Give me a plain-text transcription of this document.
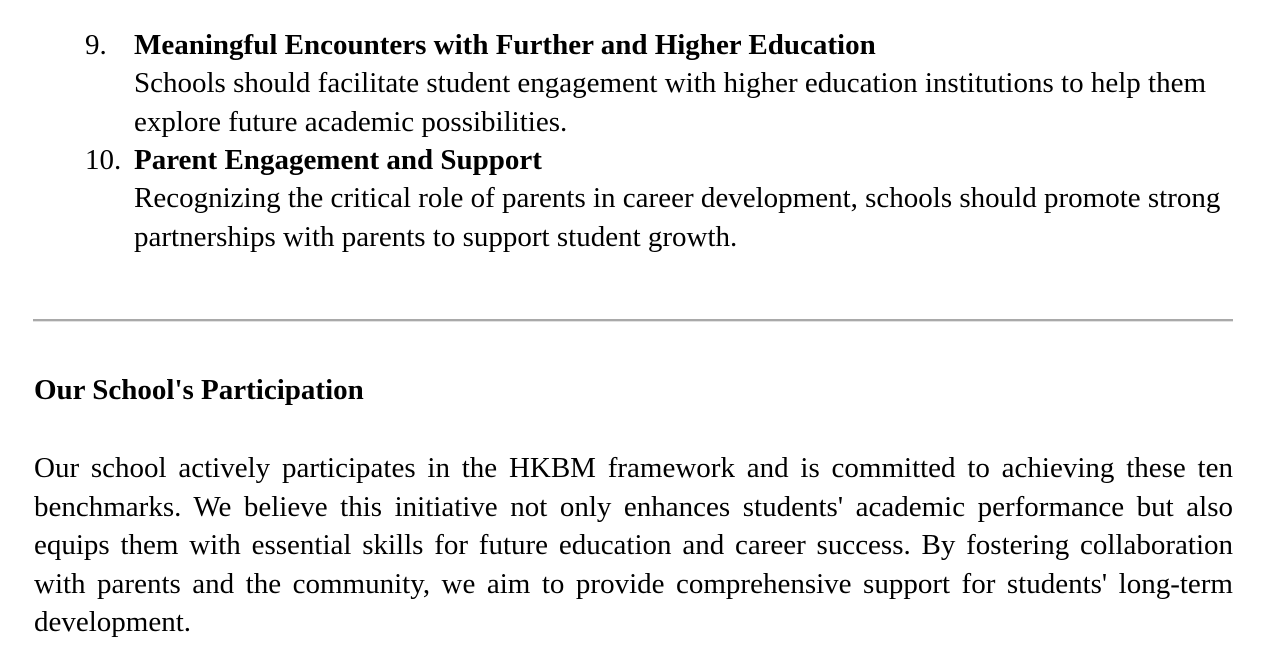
9. Meaningful Encounters with Further and Higher Education
Schools should facilitate student engagement with higher education institutions to help them explore future academic possibilities.
10. Parent Engagement and Support
Recognizing the critical role of parents in career development, schools should promote strong partnerships with parents to support student growth.
Our School's Participation

Our school actively participates in the HKBM framework and is committed to achieving these ten benchmarks. We believe this initiative not only enhances students' academic performance but also equips them with essential skills for future education and career success. By fostering collaboration with parents and the community, we aim to provide comprehensive support for students' long-term development.
